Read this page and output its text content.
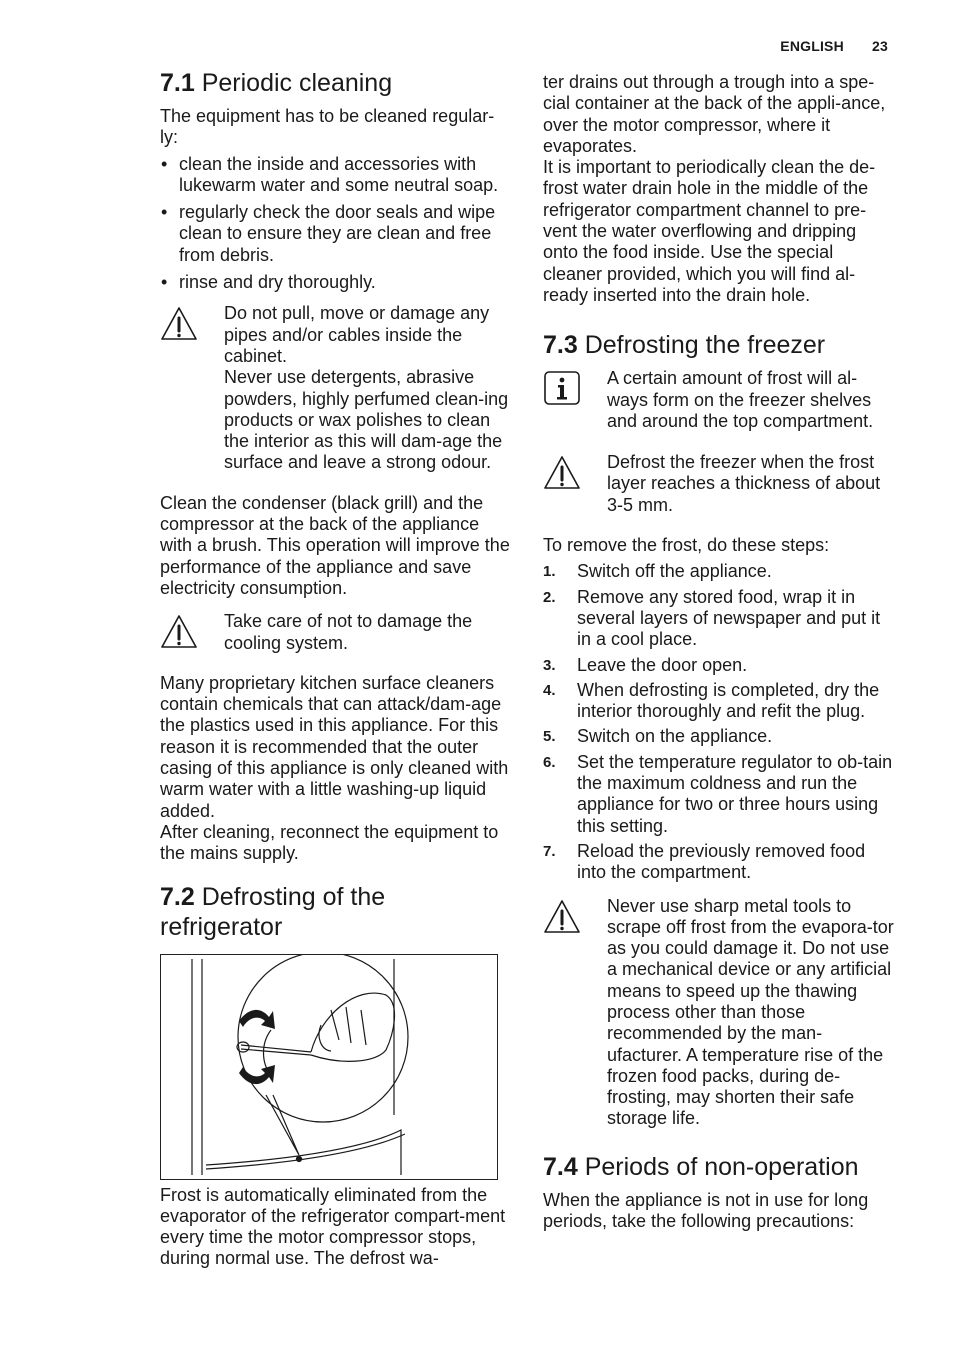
ENGLISH 23
7.1 Periodic cleaning

The equipment has to be cleaned regular-ly:

• clean the inside and accessories with lukewarm water and some neutral soap.
• regularly check the door seals and wipe clean to ensure they are clean and free from debris.
• rinse and dry thoroughly.

Do not pull, move or damage any pipes and/or cables inside the cabinet.

Never use detergents, abrasive powders, highly perfumed clean-ing products or wax polishes to clean the interior as this will dam-age the surface and leave a strong odour.

Clean the condenser (black grill) and the compressor at the back of the appliance with a brush. This operation will improve the performance of the appliance and save electricity consumption.

Take care of not to damage the cooling system.

Many proprietary kitchen surface cleaners contain chemicals that can attack/dam-age the plastics used in this appliance. For this reason it is recommended that the outer casing of this appliance is only cleaned with warm water with a little washing-up liquid added.

After cleaning, reconnect the equipment to the mains supply.

7.2 Defrosting of the refrigerator

Frost is automatically eliminated from the evaporator of the refrigerator compart-ment every time the motor compressor stops, during normal use. The defrost wa-

ter drains out through a trough into a spe-cial container at the back of the appli-ance, over the motor compressor, where it evaporates.

It is important to periodically clean the de-frost water drain hole in the middle of the refrigerator compartment channel to pre-vent the water overflowing and dripping onto the food inside. Use the special cleaner provided, which you will find al-ready inserted into the drain hole.

7.3 Defrosting the freezer

A certain amount of frost will al-ways form on the freezer shelves and around the top compartment.

Defrost the freezer when the frost layer reaches a thickness of about 3-5 mm.

To remove the frost, do these steps:

1. Switch off the appliance.
2. Remove any stored food, wrap it in several layers of newspaper and put it in a cool place.
3. Leave the door open.
4. When defrosting is completed, dry the interior thoroughly and refit the plug.
5. Switch on the appliance.
6. Set the temperature regulator to ob-tain the maximum coldness and run the appliance for two or three hours using this setting.
7. Reload the previously removed food into the compartment.

Never use sharp metal tools to scrape off frost from the evapora-tor as you could damage it. Do not use a mechanical device or any artificial means to speed up the thawing process other than those recommended by the man-ufacturer. A temperature rise of the frozen food packs, during de-frosting, may shorten their safe storage life.

7.4 Periods of non-operation

When the appliance is not in use for long periods, take the following precautions:
